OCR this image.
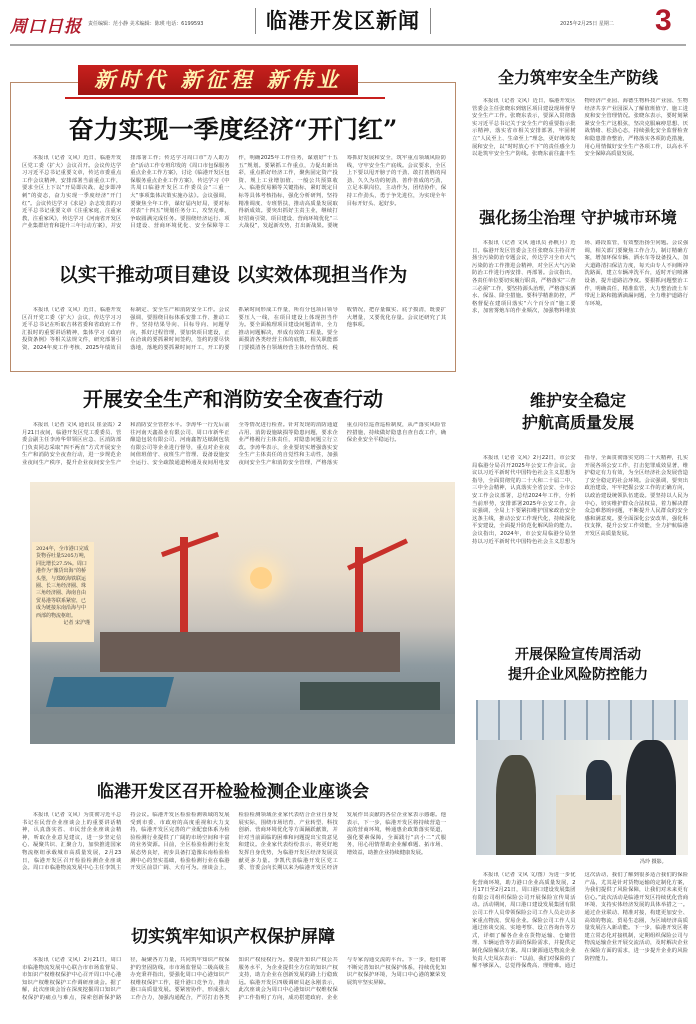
周口日报 责任编辑：范小静 美术编辑：陈瑛 电话：6199593	临港开发区新闻	2025年2月25日 星期二 3
新时代 新征程 新伟业
奋力实现一季度经济“开门红”

本报讯（记者 文风）近日，临港开发区党工委（扩大）会议召开。会议传达学习习近平总书记重要文章，传达市委重点工作会议精神，安排部署当前重点工作，要求全区上下以“开局即决战、起步即冲刺”的姿态，奋力实现一季度经济“开门红”。会议传达学习《求是》杂志发表的习近平总书记重要文章《注重家庭，注重家教，注重家风》，传达学习《河南省开发区产业集群培育和提升三年行动方案》，并安排部署工作；传达学习周口市“万人助万企”活动工作专班印发的《周口市包保服务重点企业工作方案》，讨论《临港开发区包保服务重点企业工作方案》，传达学习《中共周口临港开发区工作委员会“三重一大”事项集体决策实施办法》。会议强调，要聚焦全年工作，谋好届内好局，要对标对表“十四五”规划任务分工，攻坚克难，争取圆满完成任务。要围绕经济运行、项目建设、营商环境优化、安全保障等工作，明确2025年工作任务，谋划好“十五五”规划。要紧抓工作重点，力促出新出彩，重点抓好经济工作，聚焦固定资产投资、规上工业增加值、一般公共预算收入、临港贸易额等关键指标，紧盯既定目标等具体考核指标，强化分析研判，坚持精准调度、专班帮扶，推动高质量发展取得新成效。要突出抓好主责主业，继续打好招商引资、项目建设、营商环境优化“三大战役”，发起新攻势，打出新战果。要统筹抓好发展和安全，筑牢重点领域风险防线，守牢安全生产底线。会议要求，全区上下要以甩开膀子的干劲、敢打善胜的闯劲、久久为功的韧劲、善作善成的巧劲，立足本职岗位，主动作为，团结协作，保持工作劲头，勇于争先进位，为实现全年目标开好头、起好步。

以实干推动项目建设 以实效体现担当作为

本报讯（记者 文风）近日，临港开发区召开党工委（扩大）会议，传达学习习近平总书记在听取吉林省委和省政府工作汇报时的重要讲话精神，集体学习《政府投资条例》等相关法规文件，研究部署引资、2024年度工作考核、2025年绩效目标制定、安全生产和消防安全工作。会议强调，要围绕目标体系安排工作、推动工作，坚持结果导向、目标导向、问题导向，抓好过程管理，要加快项目建设，正在洽谈的要抓紧时间签约，签约的要尽快落地，落地的要抓紧时间开工，开工的要抓紧时间形成工作量，所有分包项目领导要压人一线，在项目建设上体现担当作为。要全面梳理项目建设问题清单，全力推动问题解决，形成有效的工程量。要全面摸清各类经营主体的底数，相关职能部门要摸清各自领域经营主体经营情况、税收情况，把存量做实、底子摸清，既要扩大增量，又要优化存量。会议还研究了其他事项。

开展安全生产和消防安全夜查行动

本报讯（记者 文风 通讯员 崔金霞）2月21日夜间，临港开发区党工委委员、管委会副主任李涛华带领区应急、区消防部门负责同志采取“四不两直”方式开展安全生产和消防安全夜查行动，进一步规范企业夜间生产秩序，提升企业夜间安全生产和消防安全管控水平。李涛华一行先后前往河南天鑫盈业有限公司、周口市新华正酿造包装有限公司、河南鑫智达纸制包装有限公司等企业进行督导，重点对企业夜间值班值守、夜班生产管理、设备设施安全运行、安全疏散通道畅通及夜间用电安全等情况进行检查。针对发现的消防通道占用、消防设施缺损等隐患问题，要求企业严格履行主体责任，对隐患问题立行立改。李涛华表示，企业要切实增强落实安全生产主体责任的自觉性和主动性，加强夜间安全生产和消防安全管理，严格落实重点岗位巡查巡检制度，从严落实风险管控措施，持续做好隐患自查自改工作，确保企业安全平稳运行。

2024年，全市港口完成货物吞吐量5205万吨，同比增长27.5%。周口港作为“豫货出海”的桥头堡，与郑欧海铁联运圈、长三角经济圈、珠三角经济圈、海南自由贸易港等联系紧密，已成为链接东南沿海与中西部的物流枢纽。
记者 宋沪瑾
全力筑牢安全生产防线

本报讯（记者 文风）近日，临港开发区管委会主任张晓东到辖区项目建设现场督导安全生产工作。张晓东表示，要深入贯彻落实习近平总书记关于安全生产的重要指示批示精神，落实省市相关安排部署，牢固树立“人民至上、生命至上”理念，更好统筹发展和安全，以“时时放心不下”的责任感全力以赴筑牢安全生产防线。张晓东前往鑫丰生物经济产业园、海德生物科技产业园、生物经济共享产业园深入了解值班值守、施工进度和安全管理情况。张晓东表示，要时刻紧紧安全生产这根弦，坚决克服麻痹思想、厌战情绪、松劲心态，持续强化安全监督检查和隐患排查整治，严格落实各项防范措施，用心用情做好安全生产各项工作，以高水平安全保障高质量发展。

强化扬尘治理 守护城市环境

本报讯（记者 文风 通讯员 孙帆月）近日，临港开发区管委会主任张晓东主持召开扬尘污染防治专题会议，传达学习全市大气污染防治工作推进会精神，对全区大气污染防治工作进行再安排、再部署。会议指出，各责任单位要切实履行职责，严格落实“三查三必须”工作，要坚持源头治理，严格落实洒水、保湿、降尘措施。要科学精准防控，严格督促在建项目落实“六个百分百”施工要求，加密雾炮车的作业频次，加强物料堆放场、路段监管，有效整治扬尘问题。会议强调，相关部门要聚焦工作合力，制订精确方案，增加环保车辆、洒水车等设备投入，加大道路清扫保洁力度，每天由专人不间断冲洗路面，建立车辆冲洗平台，适时开启喷淋设备，提升道路洁净度。要狠抓问题整治工作，明确责任，精准监管，大力整治渣土车带泥上路和抛洒滴漏问题，全力维护道路行车环境。

维护安全稳定
护航高质量发展

本报讯（记者 文风）2月22日，市公安局临港分局召开2025年公安工作会议。会议以习近平新时代中国特色社会主义思想为指导，全面贯彻党的二十大和二十届二中、三中全会精神，认真落实全省公安、全市公安工作会议部署，总结2024年工作，分析当前形势，安排部署2025年公安工作。会议强调，全局上下要紧扣维护国家政治安全这条主线，推动公安工作现代化，持续深化平安建设，全面提升防范化解风险的能力。会议指出，2024年，市公安局临港分局坚持以习近平新时代中国特色社会主义思想为指导，全面贯彻落实党的二十大精神，扎实开展各项公安工作，打击犯罪成效显著，维护稳定有力有效，为全区经济社会发展营造了安全稳定的社会环境。会议强调，要突出政治建设，牢牢把握公安工作的正确方向，以政治建设统领队伍建设。要坚持以人民为中心，切实维护群众合法权益，着力解决群众急难愁盼问题，不断提升人民群众的安全感和满意度。要全面深化公安改革，强化科技支撑，提升公安工作效能，全力护航临港开发区高质量发展。

开展保险宣传周活动
提升企业风险防控能力
冯玲 摄影。

本报讯（记者 文风 文/图）为进一步优化营商环境，助力港口企业高质量发展，2月17日至2月21日，周口港口建设发展集团有限公司组织保险公司开展保险宣传周活动。活动期间，周口港口建设发展集团有限公司工作人员带领保险公司工作人员走访多家重点物流、贸易企业。保险公司工作人员通过座谈交流、实地考察、设立咨询台等方式，详细了解各企业在货物运输、仓储管理、车辆运营等方面的保险需求，并提供定制化保险解决方案。周口聚源通达物流企业负责人史凤东表示：“以前，我们对保险的了解不够深入，总觉得保费高、理赔难。通过这次活动，我们了解到很多适合我们的保险产品，尤其是针对货物运输的定制化方案，为我们提供了风险保障，让我们对未来更有信心。”此次活动是临港开发区持续优化营商环境、支持实体经济发展的具体举措之一。通过企业联动、精准对接，构建更加安全、高效的物流、贸易生态圈，为区域经济高质量发展注入新动能。下一步，临港开发区将建立常态化对接机制，定期组织保险公司与物流运输企业开展交流活动，及时解决企业在保险方面的需求，进一步提升企业的风险防控能力。

临港开发区召开检验检测企业座谈会

本报讯（记者 文风）为贯彻习近平总书记在民营企业座谈会上的重要讲话精神，认真落实省、市民营企业座谈会精神，听取企业意见建议，进一步坚定信心、凝聚共识、汇聚合力，加快推进国家物流枢纽承载城市高质量发展，2月23日，临港开发区召开检验检测企业座谈会。周口市临港物流发展中心主任李凯主持会议。临港开发区检验检测领域的发展受到市委、市政府的高度重视和大力支持，临港开发区完善的产业配套体系为检验检测行业提供了广阔的市场空间和丰富的业务资源。目前，全区检验检测行业发展态势良好，初步具备打造豫东南检验检测中心的坚实基础，检验检测行业在临港开发区前景广阔、大有可为。座谈会上，检验检测领域企业家代表结合企业自身发展实际，围绕市场培育、产业转型、科技创新、营商环境优化等方面踊跃献策，并针对当前面临的困难和问题提出宝贵意见和建议。企业家代表纷纷表示，将更好地发挥自身优势，为临港开发区经济发展贡献更多力量。李凯代表临港开发区党工委、管委会向长期以来为临港开发区经济发展作出贡献的各位企业家表示感谢。他表示，下一步，临港开发区将持续营造一流的营商环境，畅通惠企政策落实渠道，强化要素保障，全面践行“店小二”式服务，用心用情帮助企业解难题、拓市场、增效益，助推企业持续健康发展。

切实筑牢知识产权保护屏障

本报讯（记者 文风）2月21日，周口市临港物流发展中心联合市市场监督局、市知识产权维权保护中心召开周口中心港知识产权维权保护工作调研座谈会。据了解，此次座谈会旨在深度挖掘周口知识产权保护的痛点与难点，探索创新保护路径，凝聚各方力量，共同筑牢知识产权保护的坚固防线。市市场监督局二级高级主办充秉祥指出，要强化周口中心港知识产权维权保护工作，提升港口竞争力，推动港口高质量发展。要紧密协作，形成强大工作合力，加强沟通配合，严厉打击各类知识产权侵权行为。要提升知识产权公共服务水平，为企业提供全方位的知识产权支持，助力企业在创新发展的路上行稳致远。临港开发区四级调研员赵永刚表示，此次座谈会为周口中心港知识产权维权保护工作指明了方向，成功搭建政府、企业与专家沟通交流的平台。下一步，他们将不断完善知识产权保护体系，持续优化知识产权保护环境，为周口中心港的繁荣发展筑牢坚实屏障。
